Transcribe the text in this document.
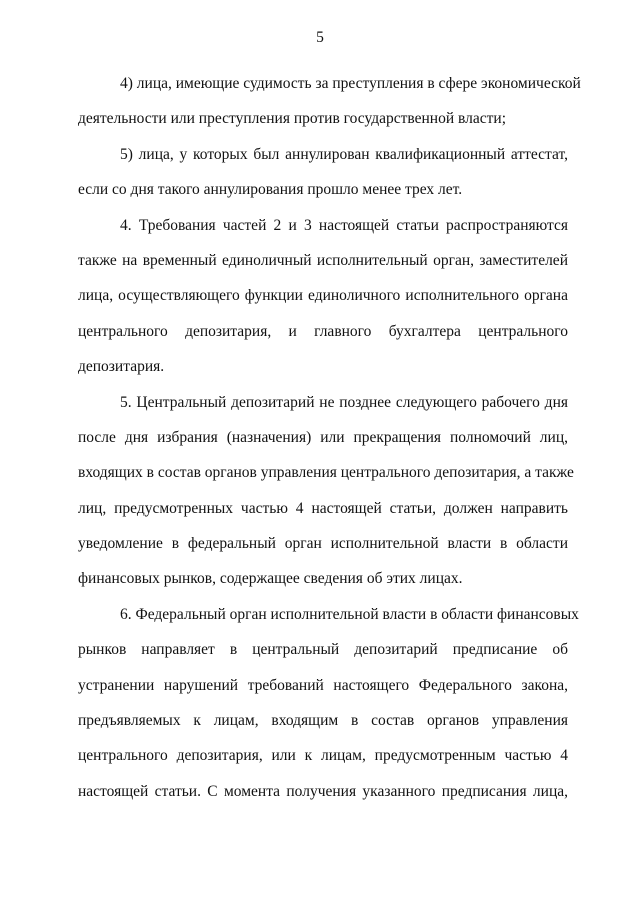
5
4) лица, имеющие судимость за преступления в сфере экономической
деятельности или преступления против государственной власти;
5) лица, у которых был аннулирован квалификационный аттестат,
если со дня такого аннулирования прошло менее трех лет.
4. Требования частей 2 и 3 настоящей статьи распространяются
также на временный единоличный исполнительный орган, заместителей
лица, осуществляющего функции единоличного исполнительного органа
центрального депозитария, и главного бухгалтера центрального
депозитария.
5. Центральный депозитарий не позднее следующего рабочего дня
после дня избрания (назначения) или прекращения полномочий лиц,
входящих в состав органов управления центрального депозитария, а также
лиц, предусмотренных частью 4 настоящей статьи, должен направить
уведомление в федеральный орган исполнительной власти в области
финансовых рынков, содержащее сведения об этих лицах.
6. Федеральный орган исполнительной власти в области финансовых
рынков направляет в центральный депозитарий предписание об
устранении нарушений требований настоящего Федерального закона,
предъявляемых к лицам, входящим в состав органов управления
центрального депозитария, или к лицам, предусмотренным частью 4
настоящей статьи. С момента получения указанного предписания лица,
